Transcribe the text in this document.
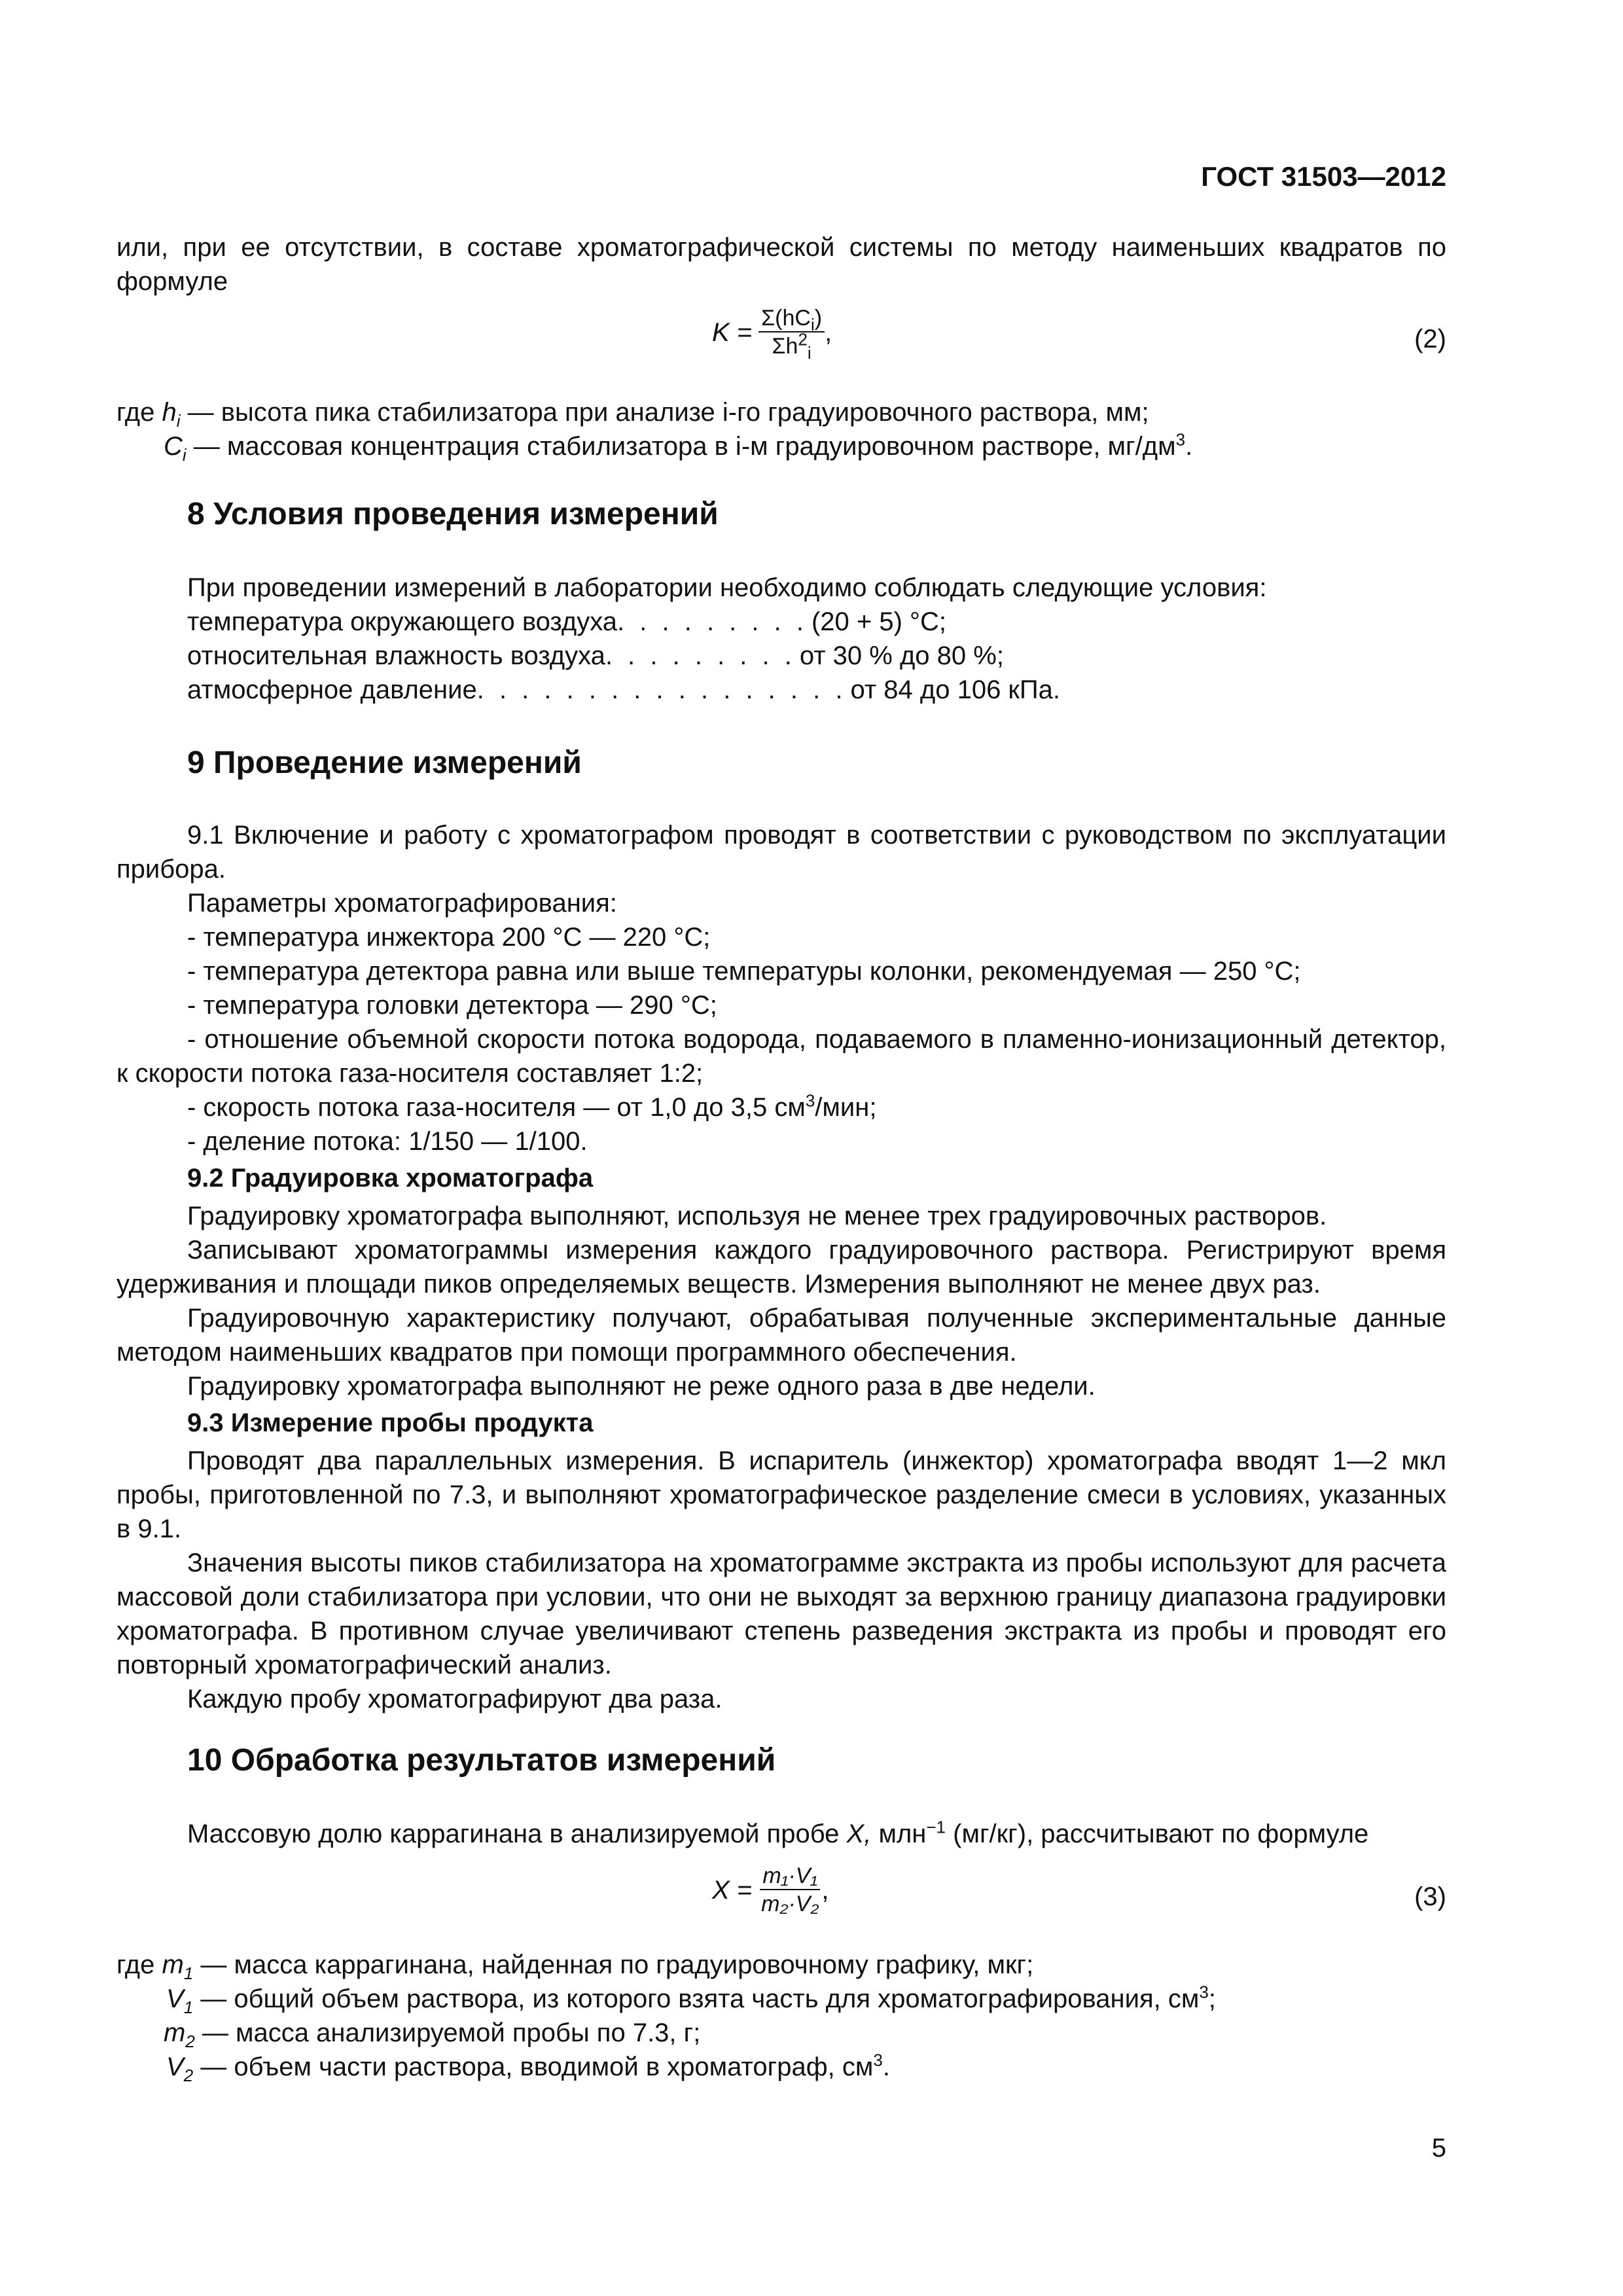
ГОСТ 31503—2012

или, при ее отсутствии, в составе хроматографической системы по методу наименьших квадратов по формуле

$K = \frac{\Sigma(hC_i)}{\Sigma h^2_i}$ ,	(2)

где $h_i$ — высота пика стабилизатора при анализе i-го градуировочного раствора, мм;

$C_i$ — массовая концентрация стабилизатора в i-м градуировочном растворе, $мг/дм^3$.

8 Условия проведения измерений

При проведении измерений в лаборатории необходимо соблюдать следующие условия:

температура окружающего воздуха . . . . . . . . . (20 + 5) °С;
относительная влажность воздуха . . . . . . . . . от 30 % до 80 %;
атмосферное давление . . . . . . . . . . . . . . . . . от 84 до 106 кПа.
9 Проведение измерений

9.1 Включение и работу с хроматографом проводят в соответствии с руководством по эксплуатации прибора.

Параметры хроматографирования:

- температура инжектора 200 °С — 220 °С;

- температура детектора равна или выше температуры колонки, рекомендуемая — 250 °С;

- температура головки детектора — 290 °С;

- отношение объемной скорости потока водорода, подаваемого в пламенно-ионизационный детектор, к скорости потока газа-носителя составляет 1:2;

- скорость потока газа-носителя — от 1,0 до 3,5 $см^3$/мин;

- деление потока: 1/150 — 1/100.

9.2 Градуировка хроматографа

Градуировку хроматографа выполняют, используя не менее трех градуировочных растворов.

Записывают хроматограммы измерения каждого градуировочного раствора. Регистрируют время удерживания и площади пиков определяемых веществ. Измерения выполняют не менее двух раз.

Градуировочную характеристику получают, обрабатывая полученные экспериментальные данные методом наименьших квадратов при помощи программного обеспечения.

Градуировку хроматографа выполняют не реже одного раза в две недели.

9.3 Измерение пробы продукта

Проводят два параллельных измерения. В испаритель (инжектор) хроматографа вводят 1—2 мкл пробы, приготовленной по 7.3, и выполняют хроматографическое разделение смеси в условиях, указанных в 9.1.

Значения высоты пиков стабилизатора на хроматограмме экстракта из пробы используют для расчета массовой доли стабилизатора при условии, что они не выходят за верхнюю границу диапазона градуировки хроматографа. В противном случае увеличивают степень разведения экстракта из пробы и проводят его повторный хроматографический анализ.

Каждую пробу хроматографируют два раза.

10 Обработка результатов измерений

Массовую долю каррагинана в анализируемой пробе X, млн$^{-1}$ (мг/кг), рассчитывают по формуле

$X = \frac{\text{m₁·V₁}}{\text{m₂·V₂}}$ ,	(3)

где $m_1$ — масса каррагинана, найденная по градуировочному графику, мкг;

$V_1$ — общий объем раствора, из которого взята часть для хроматографирования, $см^3$;

$m_2$ — масса анализируемой пробы по 7.3, г;

$V_2$ — объем части раствора, вводимой в хроматограф, $см^3$.

5
